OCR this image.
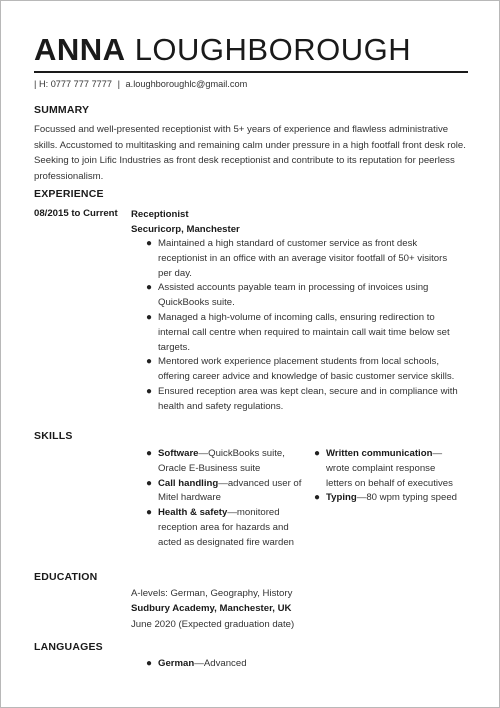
ANNA LOUGHBOROUGH
| H: 0777 777 7777 | a.loughboroughlc@gmail.com
SUMMARY

Focussed and well-presented receptionist with 5+ years of experience and flawless administrative skills. Accustomed to multitasking and remaining calm under pressure in a high footfall front desk role. Seeking to join Lific Industries as front desk receptionist and contribute to its reputation for peerless professionalism.

EXPERIENCE
08/2015 to Current Receptionist
Securicorp, Manchester
● Maintained a high standard of customer service as front desk receptionist in an office with an average visitor footfall of 50+ visitors per day.
● Assisted accounts payable team in processing of invoices using QuickBooks suite.
● Managed a high-volume of incoming calls, ensuring redirection to internal call centre when required to maintain call wait time below set targets.
● Mentored work experience placement students from local schools, offering career advice and knowledge of basic customer service skills.
● Ensured reception area was kept clean, secure and in compliance with health and safety regulations.
SKILLS
● Software—QuickBooks suite, Oracle E-Business suite
● Call handling—advanced user of Mitel hardware
● Health & safety—monitored reception area for hazards and acted as designated fire warden
● Written communication—wrote complaint response letters on behalf of executives
● Typing—80 wpm typing speed
EDUCATION
A-levels: German, Geography, History
Sudbury Academy, Manchester, UK
June 2020 (Expected graduation date)
LANGUAGES
● German—Advanced
